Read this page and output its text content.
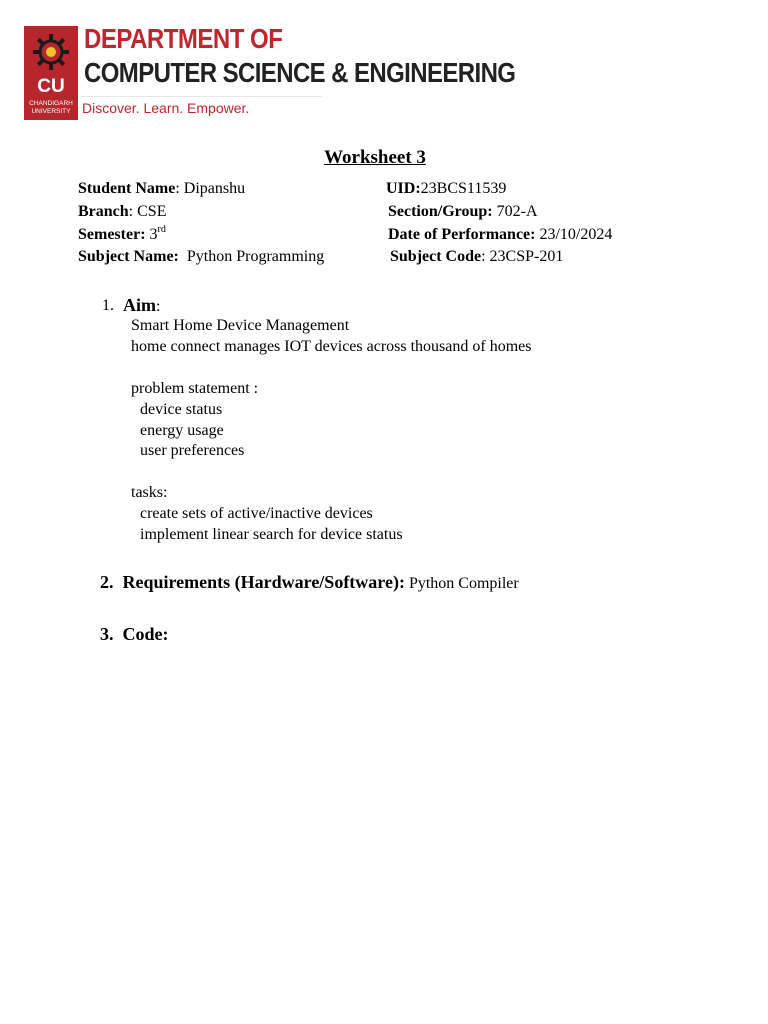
CU
CHANDIGARH UNIVERSITY
DEPARTMENT OF
COMPUTER SCIENCE & ENGINEERING
Discover. Learn. Empower.
Worksheet 3
Student Name: Dipanshu	UID:23BCS11539
Branch: CSE	Section/Group: 702-A
Semester: 3rd	Date of Performance: 23/10/2024
Subject Name:  Python Programming	Subject Code: 23CSP-201
1. Aim:
Smart Home Device Management
home connect manages IOT devices across thousand of homes
problem statement :
device status
energy usage
user preferences
tasks:
create sets of active/inactive devices
implement linear search for device status
2. Requirements (Hardware/Software): Python Compiler
3. Code:
